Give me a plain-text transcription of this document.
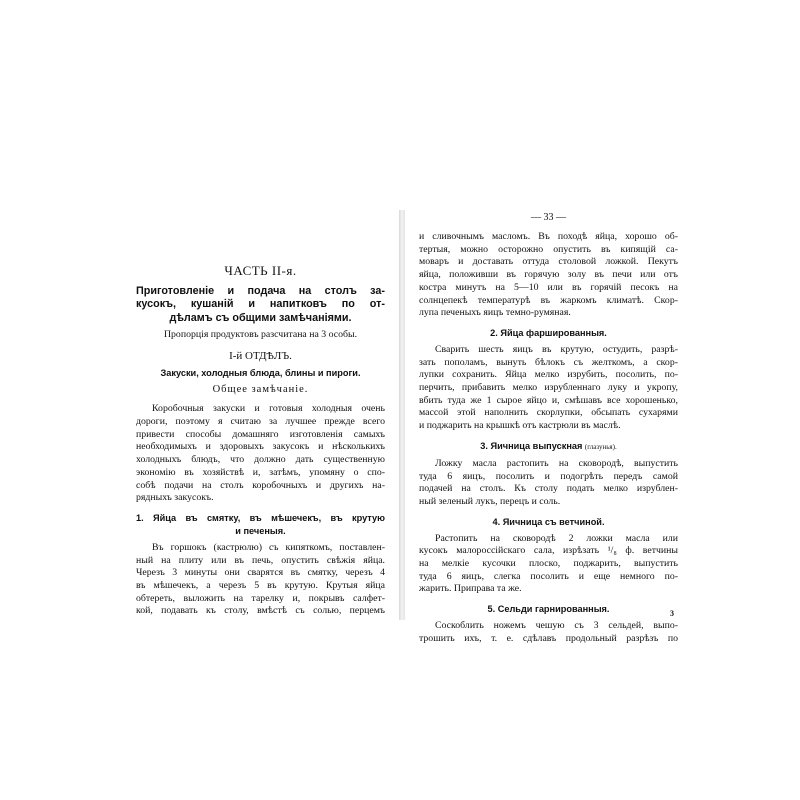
ЧАСТЬ II-я.
Приготовленіе и подача на столъ за-
кусокъ, кушаній и напитковъ по от-
дѣламъ съ общими замѣчаніями.
Пропорція продуктовъ разсчитана на 3 особы.
I-й ОТДѢЛЪ.
Закуски, холодныя блюда, блины и пироги.
Общее замѣчаніе.
Коробочныя закуски и готовыя холодныя очень
дороги, поэтому я считаю за лучшее прежде всего
привести способы домашняго изготовленія самыхъ
необходимыхъ и здоровыхъ закусокъ и нѣсколькихъ
холодныхъ блюдъ, что должно дать существенную
экономію въ хозяйствѣ и, затѣмъ, упомяну о спо-
собѣ подачи на столъ коробочныхъ и другихъ на-
рядныхъ закусокъ.
1. Яйца въ смятку, въ мѣшечекъ, въ крутую
и печеныя.
Въ горшокъ (кастрюлю) съ кипяткомъ, поставлен-
ный на плиту или въ печь, опустить свѣжія яйца.
Черезъ 3 минуты они сварятся въ смятку, черезъ 4
въ мѣшечекъ, а черезъ 5 въ крутую. Крутыя яйца
обтереть, выложить на тарелку и, покрывъ салфет-
кой, подавать къ столу, вмѣстѣ съ солью, перцемъ
— 33 —
и сливочнымъ масломъ. Въ походѣ яйца, хорошо об-
тертыя, можно осторожно опустить въ кипящій са-
моваръ и доставать оттуда столовой ложкой. Пекутъ
яйца, положивши въ горячую золу въ печи или отъ
костра минутъ на 5—10 или въ горячій песокъ на
солнцепекѣ температурѣ въ жаркомъ климатѣ. Скор-
лупа печеныхъ яицъ темно-румяная.
2. Яйца фаршированныя.
Сварить шесть яицъ въ крутую, остудить, разрѣ-
зать пополамъ, вынуть бѣлокъ съ желткомъ, а скор-
лупки сохранить. Яйца мелко изрубить, посолить, по-
перчить, прибавить мелко изрубленнаго луку и укропу,
вбить туда же 1 сырое яйцо и, смѣшавъ все хорошенько,
массой этой наполнить скорлупки, обсыпать сухарями
и поджарить на крышкѣ отъ кастрюли въ маслѣ.
3. Яичница выпускная (глазунья).
Ложку масла растопить на сковородѣ, выпустить
туда 6 яицъ, посолить и подогрѣть передъ самой
подачей на столъ. Къ столу подать мелко изрублен-
ный зеленый лукъ, перецъ и соль.
4. Яичница съ ветчиной.
Растопить на сковородѣ 2 ложки масла или
кусокъ малороссійскаго сала, изрѣзать ¹/₈ ф. ветчины
на мелкіе кусочки плоско, поджарить, выпустить
туда 6 яицъ, слегка посолить и еще немного по-
жарить. Приправа та же.
5. Сельди гарнированныя.
Соскоблить ножемъ чешую съ 3 сельдей, выпо-
трошить ихъ, т. е. сдѣлавъ продольный разрѣзъ по
3
